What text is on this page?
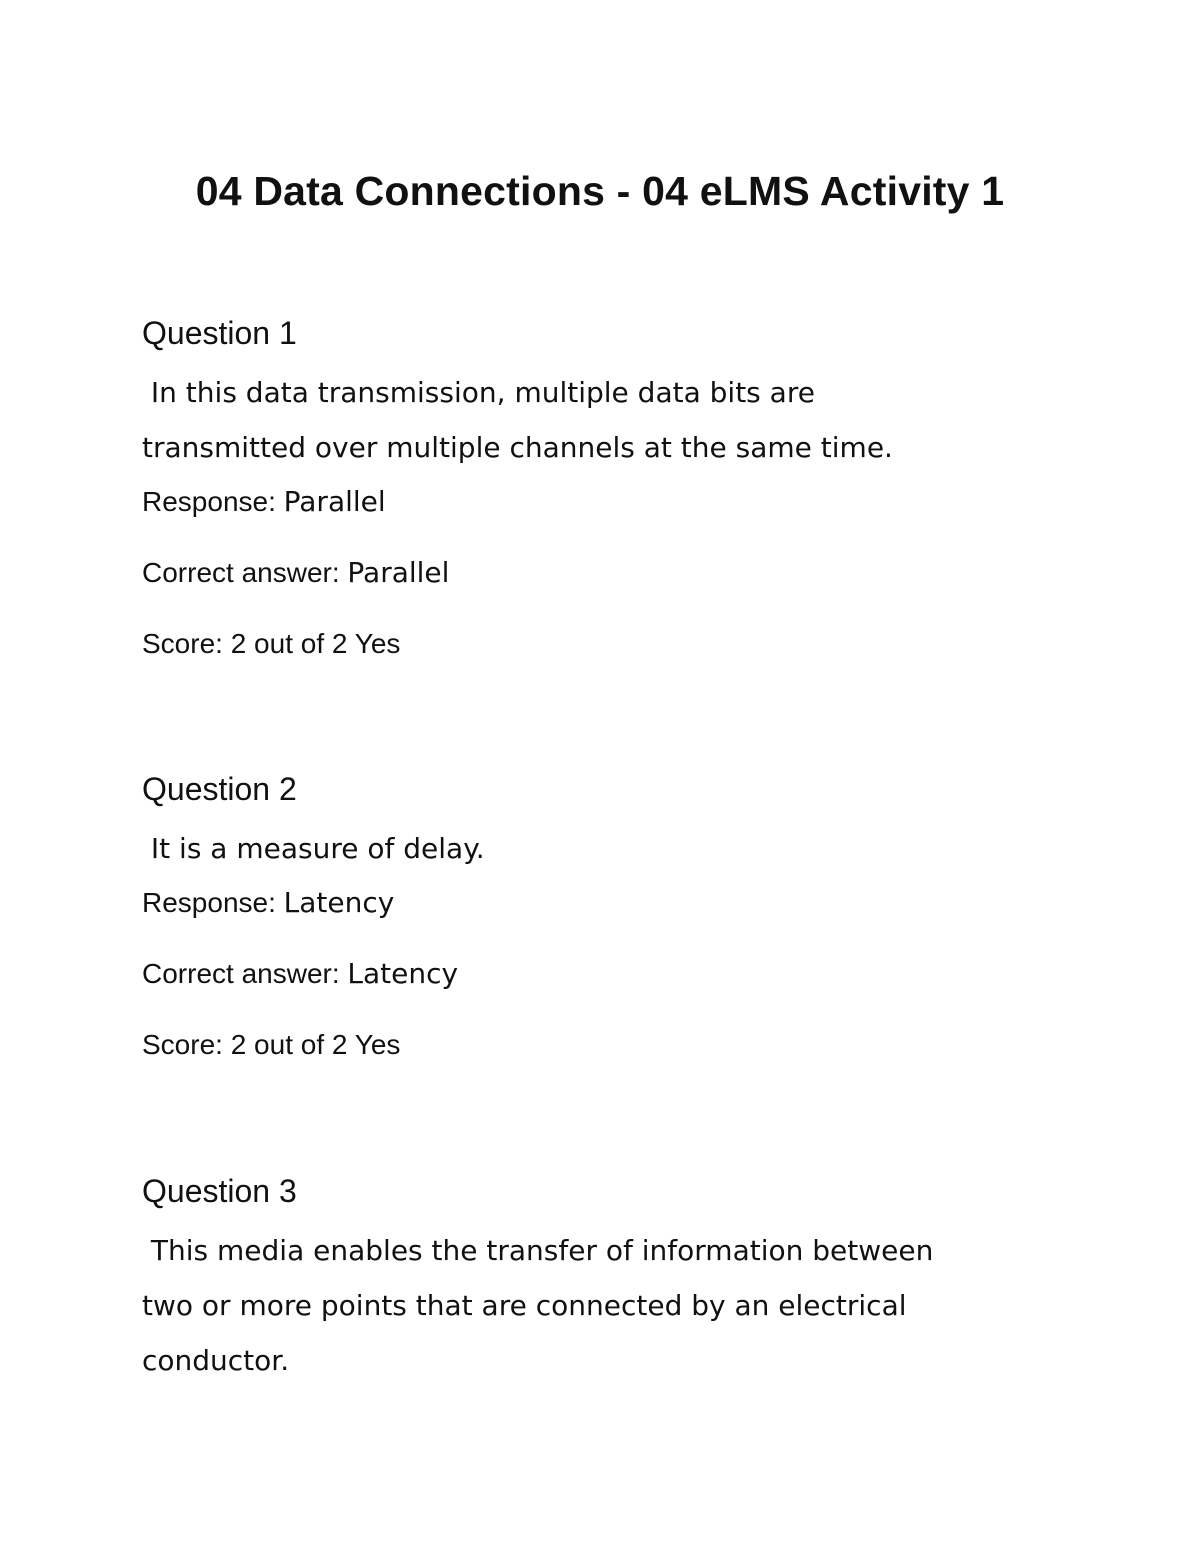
04 Data Connections - 04 eLMS Activity 1
Question 1

In this data transmission, multiple data bits are
transmitted over multiple channels at the same time.

Response: Parallel

Correct answer: Parallel

Score: 2 out of 2 Yes

Question 2

It is a measure of delay.

Response: Latency

Correct answer: Latency

Score: 2 out of 2 Yes

Question 3

This media enables the transfer of information between
two or more points that are connected by an electrical
conductor.
